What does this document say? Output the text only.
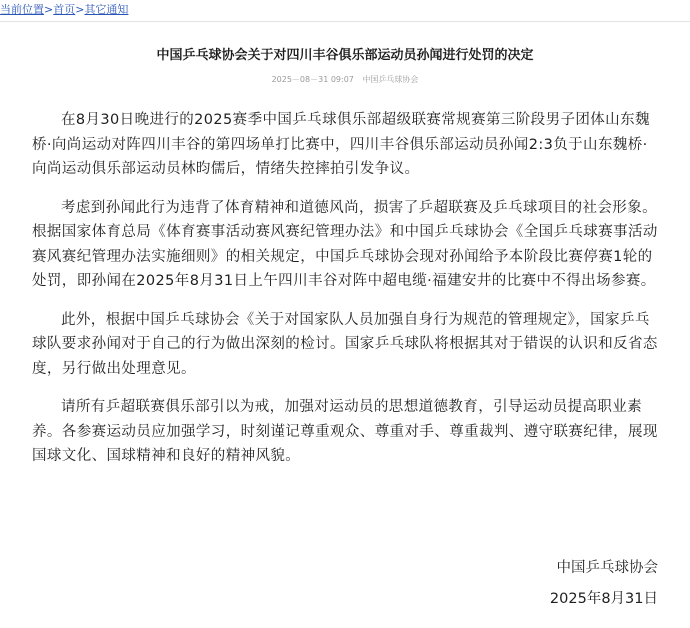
当前位置>首页>其它通知
中国乒乓球协会关于对四川丰谷俱乐部运动员孙闻进行处罚的决定
2025－08－31 09:07 中国乒乓球协会

在8月30日晚进行的2025赛季中国乒乓球俱乐部超级联赛常规赛第三阶段男子团体山东魏桥·向尚运动对阵四川丰谷的第四场单打比赛中，四川丰谷俱乐部运动员孙闻2:3负于山东魏桥·向尚运动俱乐部运动员林昀儒后，情绪失控摔拍引发争议。

考虑到孙闻此行为违背了体育精神和道德风尚，损害了乒超联赛及乒乓球项目的社会形象。根据国家体育总局《体育赛事活动赛风赛纪管理办法》和中国乒乓球协会《全国乒乓球赛事活动赛风赛纪管理办法实施细则》的相关规定，中国乒乓球协会现对孙闻给予本阶段比赛停赛1轮的处罚，即孙闻在2025年8月31日上午四川丰谷对阵中超电缆·福建安井的比赛中不得出场参赛。

此外，根据中国乒乓球协会《关于对国家队人员加强自身行为规范的管理规定》，国家乒乓球队要求孙闻对于自己的行为做出深刻的检讨。国家乒乓球队将根据其对于错误的认识和反省态度，另行做出处理意见。

请所有乒超联赛俱乐部引以为戒，加强对运动员的思想道德教育，引导运动员提高职业素养。各参赛运动员应加强学习，时刻谨记尊重观众、尊重对手、尊重裁判、遵守联赛纪律，展现国球文化、国球精神和良好的精神风貌。

中国乒乓球协会
2025年8月31日
